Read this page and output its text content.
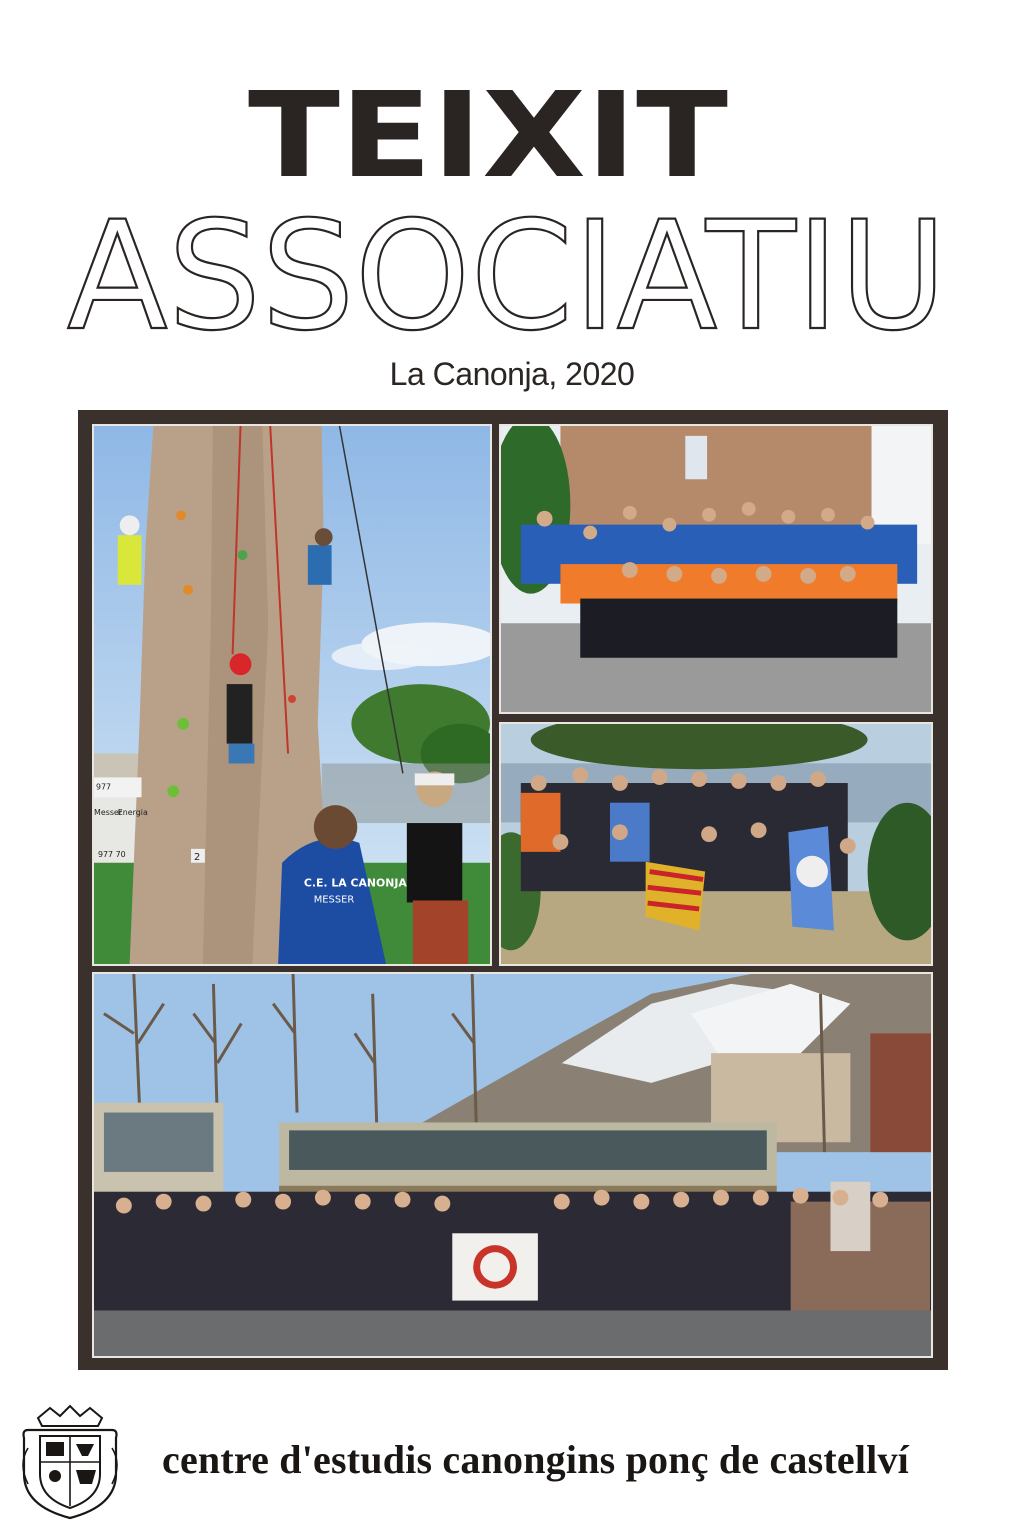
TEIXIT
ASSOCIATIU
La Canonja, 2020
C.E. LA CANONJA
MESSER
977
Messer
Energia
977 70	2
centre d'estudis canongins ponç de castellví
